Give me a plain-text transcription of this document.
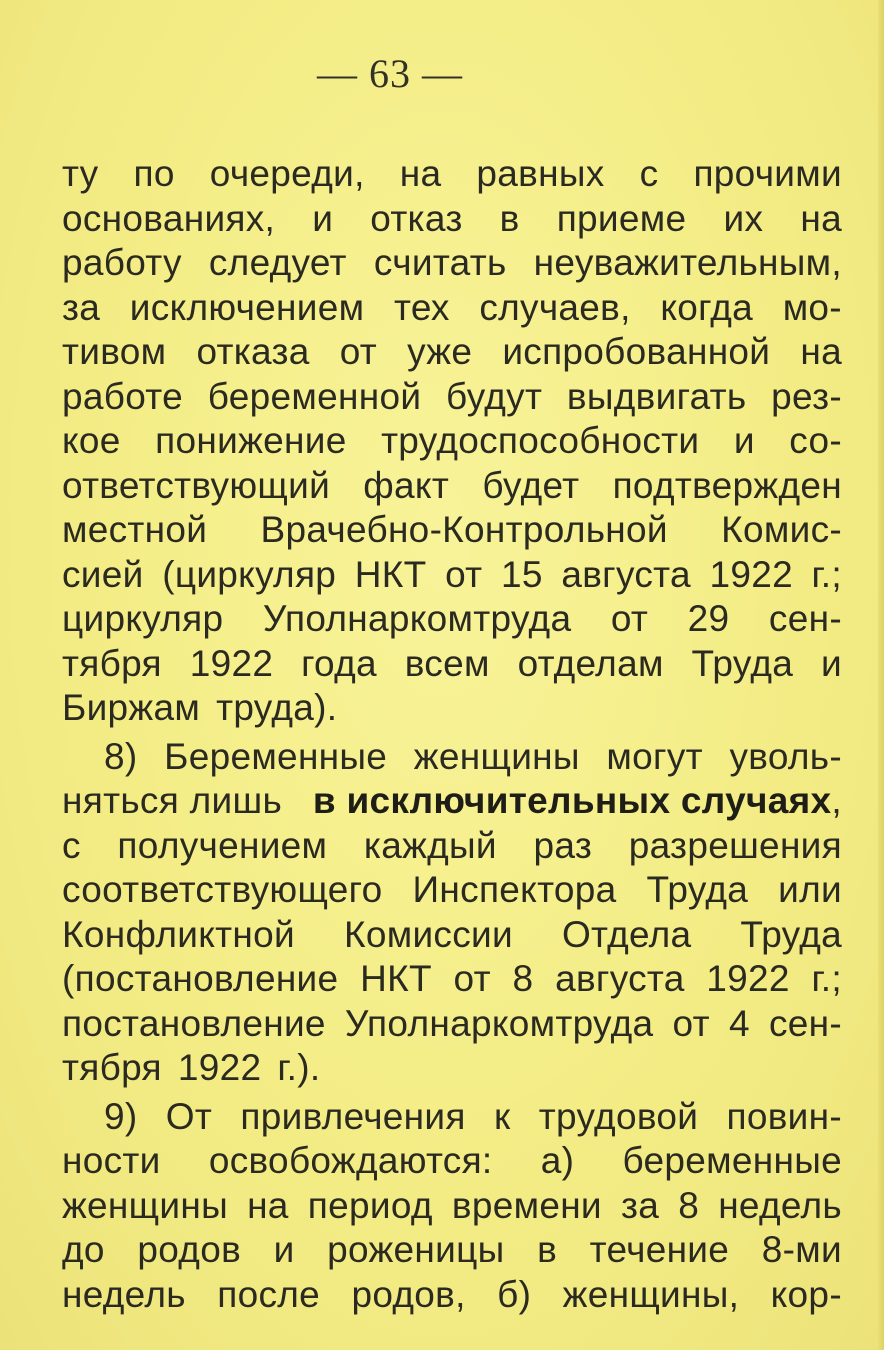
— 63 —
ту по очереди, на равных с прочими
основаниях, и отказ в приеме их на
работу следует считать неуважительным,
за исключением тех случаев, когда мо-
тивом отказа от уже испробованной на
работе беременной будут выдвигать рез-
кое понижение трудоспособности и со-
ответствующий факт будет подтвержден
местной Врачебно-Контрольной Комис-
сией (циркуляр НКТ от 15 августа 1922 г.;
циркуляр Уполнаркомтруда от 29 сен-
тября 1922 года всем отделам Труда и
Биржам труда).
8) Беременные женщины могут уволь-
няться лишь в исключительных случаях,
с получением каждый раз разрешения
соответствующего Инспектора Труда или
Конфликтной Комиссии Отдела Труда
(постановление НКТ от 8 августа 1922 г.;
постановление Уполнаркомтруда от 4 сен-
тября 1922 г.).
9) От привлечения к трудовой повин-
ности освобождаются: а) беременные
женщины на период времени за 8 недель
до родов и роженицы в течение 8-ми
недель после родов, б) женщины, кор-
